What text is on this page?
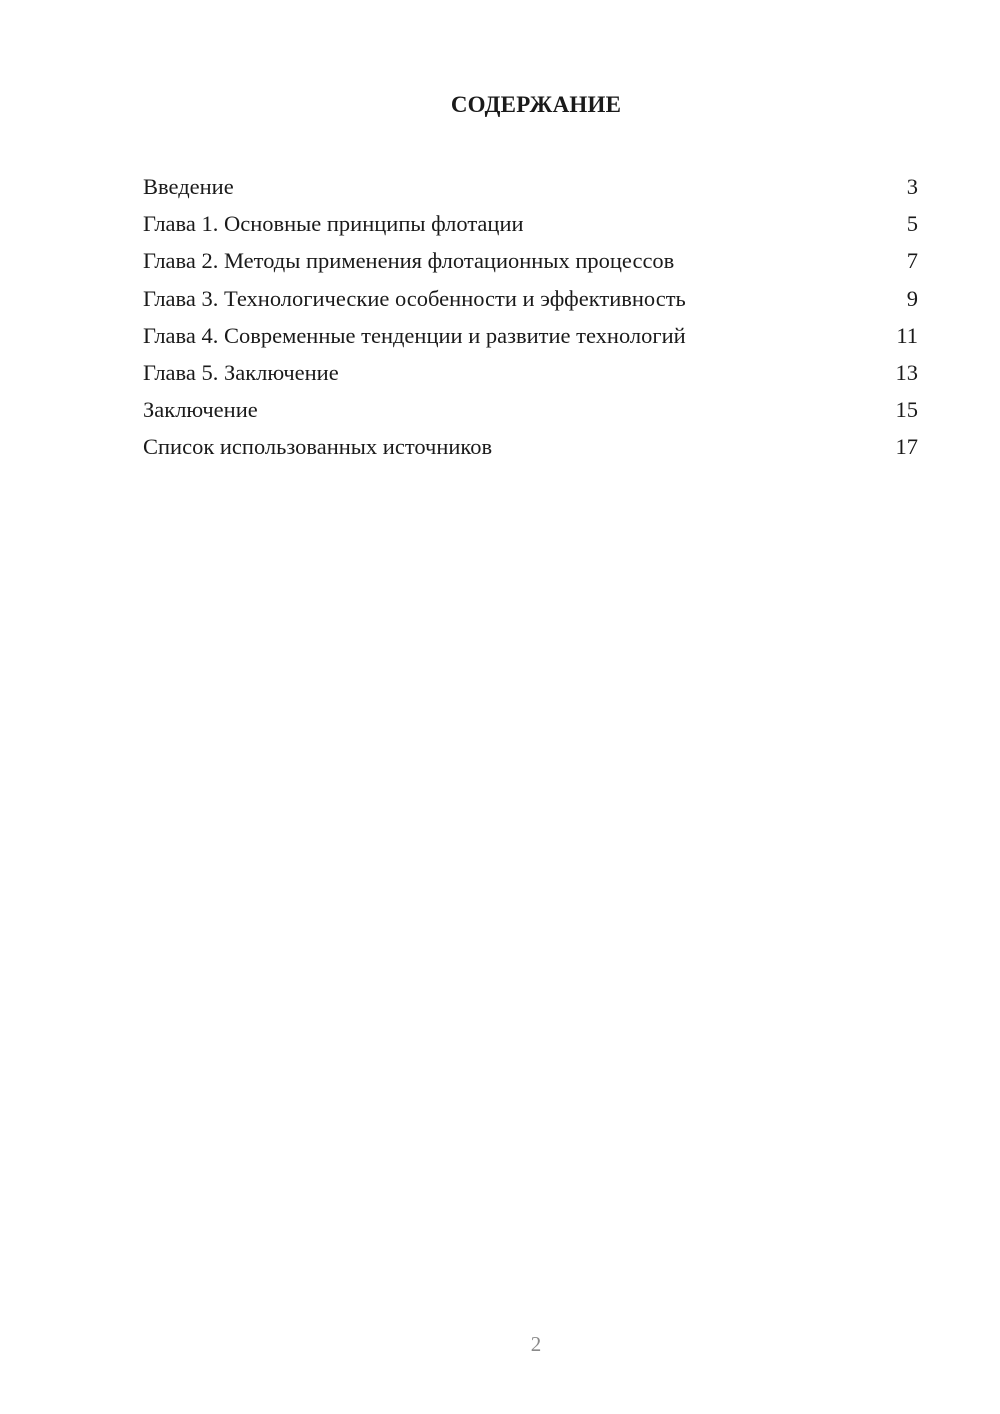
СОДЕРЖАНИЕ
Введение	3
Глава 1. Основные принципы флотации	5
Глава 2. Методы применения флотационных процессов	7
Глава 3. Технологические особенности и эффективность	9
Глава 4. Современные тенденции и развитие технологий	11
Глава 5. Заключение	13
Заключение	15
Список использованных источников	17
2
